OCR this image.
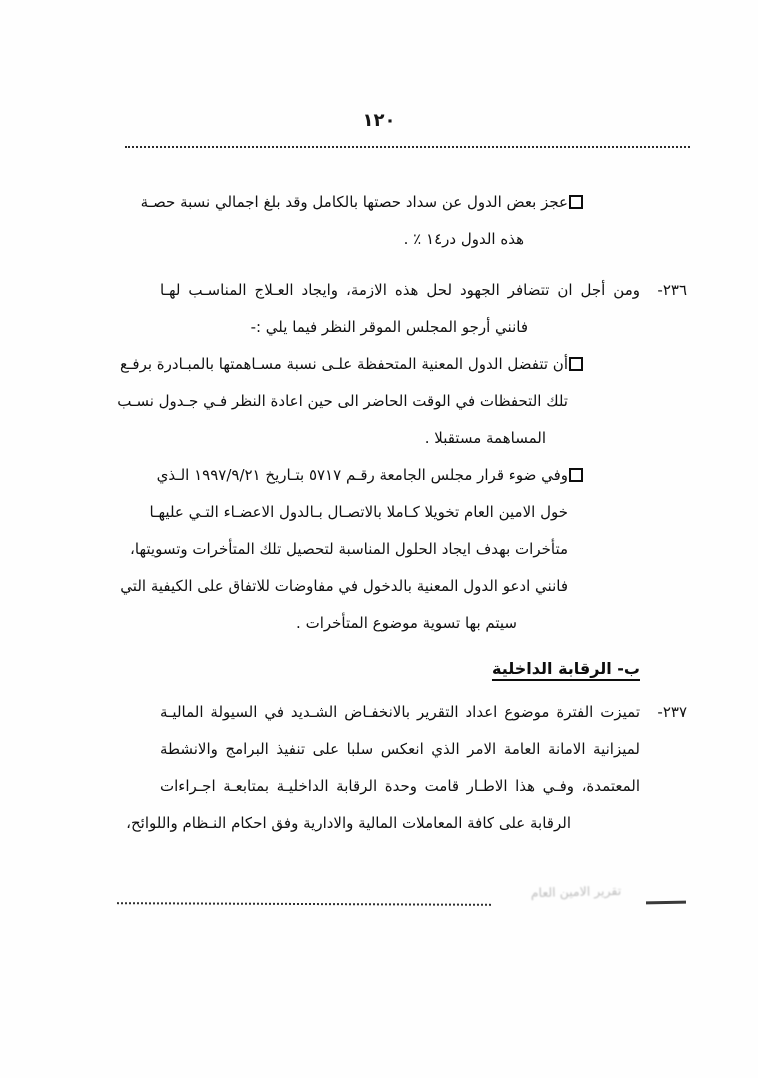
١٢٠
عجز بعض الدول عن سداد حصتها بالكامل وقد بلغ اجمالي نسبة حصـة
هذه الدول در١٤ ٪ .
٢٣٦-
ومن أجل ان تتضافر الجهود لحل هذه الازمة، وايجاد العـلاج المناسـب لهـا
فانني أرجو المجلس الموقر النظر فيما يلي :-
أن تتفضل الدول المعنية المتحفظة علـى نسبة مسـاهمتها بالمبـادرة برفـع
تلك التحفظات في الوقت الحاضر الى حين اعادة النظر فـي جـدول نسـب
المساهمة مستقبلا .
وفي ضوء قرار مجلس الجامعة رقـم ٥٧١٧ بتـاريخ ١٩٩٧/٩/٢١ الـذي
خول الامين العام تخويلا كـاملا بالاتصـال بـالدول الاعضـاء التـي عليهـا
متأخرات بهدف ايجاد الحلول المناسبة لتحصيل تلك المتأخرات وتسويتها،
فانني ادعو الدول المعنية بالدخول في مفاوضات للاتفاق على الكيفية التي
سيتم بها تسوية موضوع المتأخرات .
ب- الرقابة الداخلية
٢٣٧-
تميزت الفترة موضوع اعداد التقرير بالانخفـاض الشـديد في السيولة الماليـة
لميزانية الامانة العامة الامر الذي انعكس سلبا على تنفيذ البرامج والانشطة
المعتمدة، وفـي هذا الاطـار قامت وحدة الرقابة الداخليـة بمتابعـة اجـراءات
الرقابة على كافة المعاملات المالية والادارية وفق احكام النـظام واللوائح،
تقرير الامين العام
